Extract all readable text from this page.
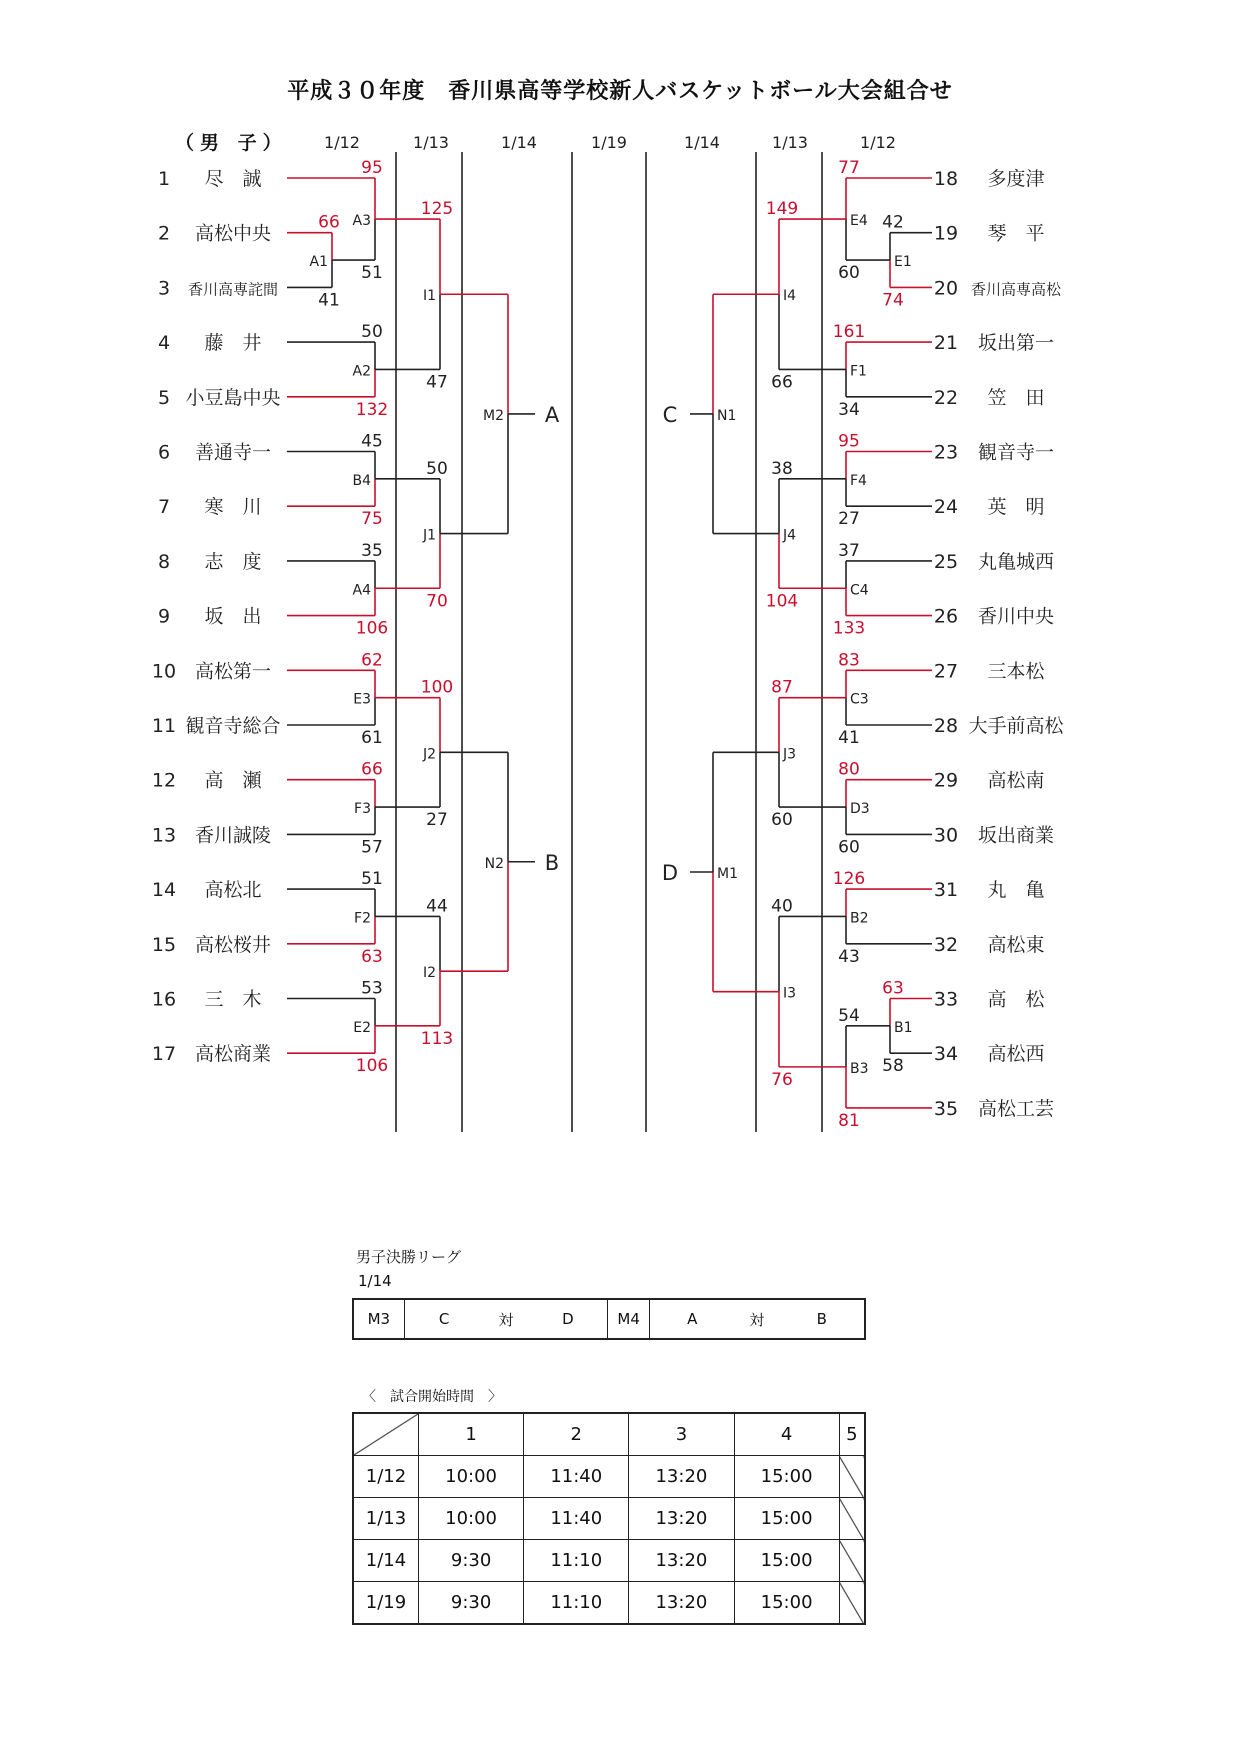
平成３０年度　香川県高等学校新人バスケットボール大会組合せ
（男 子） 1/12	1/13	1/14	1/19	1/14	1/13	1/12
1 尽　誠
2 高松中央
3 香川高専詫間
4 藤　井
5 小豆島中央
6 善通寺一
7 寒　川
8 志　度
9 坂　出
10 高松第一
11 観音寺総合
12 高　瀬
13 香川誠陵
14 高松北
15 高松桜井
16 三　木
17 高松商業
18 多度津
19 琴　平
20 香川高専高松
21 坂出第一
22 笠　田
23 観音寺一
24 英　明
25 丸亀城西
26 香川中央
27 三本松
28 大手前高松
29 高松南
30 坂出商業
31 丸　亀
32 高松東
33 高　松
34 高松西
35 高松工芸
66
41
A1
95
51
A3
50
132
A2
125
47
I1
45
75
B4
35
106
A4
50
70
J1
M2
62
61
E3
66
57
F3
100
27
J2
51
63
F2
53
106
E2
44
113
I2
N2
42
74
E1
77
60
E4
161
34
F1
149
66
I4
95
27
F4
37
133
C4
38
104
J4
N1
83
41
C3
80
60
D3
87
60
J3
126
43
B2
63
58
B1
54
81
B3
40
76
I3
M1
A
B
C
D
男子決勝リーグ
1/14
M3	C	対	D	M4	A	対	B
〈　試合開始時間　〉
	1	2	3	4	5
1/12	10:00	11:40	13:20	15:00	
1/13	10:00	11:40	13:20	15:00	
1/14	9:30	11:10	13:20	15:00	
1/19	9:30	11:10	13:20	15:00	
